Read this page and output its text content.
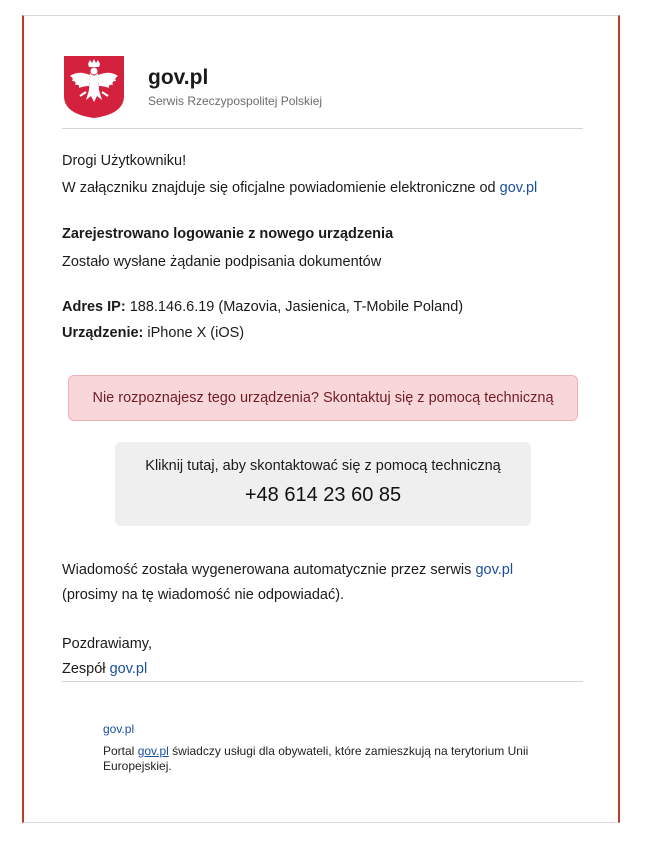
gov.pl
Serwis Rzeczypospolitej Polskiej
Drogi Użytkowniku!
W załączniku znajduje się oficjalne powiadomienie elektroniczne od gov.pl
Zarejestrowano logowanie z nowego urządzenia
Zostało wysłane żądanie podpisania dokumentów
Adres IP: 188.146.6.19 (Mazovia, Jasienica, T-Mobile Poland)
Urządzenie: iPhone X (iOS)
Nie rozpoznajesz tego urządzenia? Skontaktuj się z pomocą techniczną
Kliknij tutaj, aby skontaktować się z pomocą techniczną
+48 614 23 60 85
Wiadomość została wygenerowana automatycznie przez serwis gov.pl
(prosimy na tę wiadomość nie odpowiadać).
Pozdrawiamy,
Zespół gov.pl
gov.pl
Portal gov.pl świadczy usługi dla obywateli, które zamieszkują na terytorium Unii Europejskiej.
